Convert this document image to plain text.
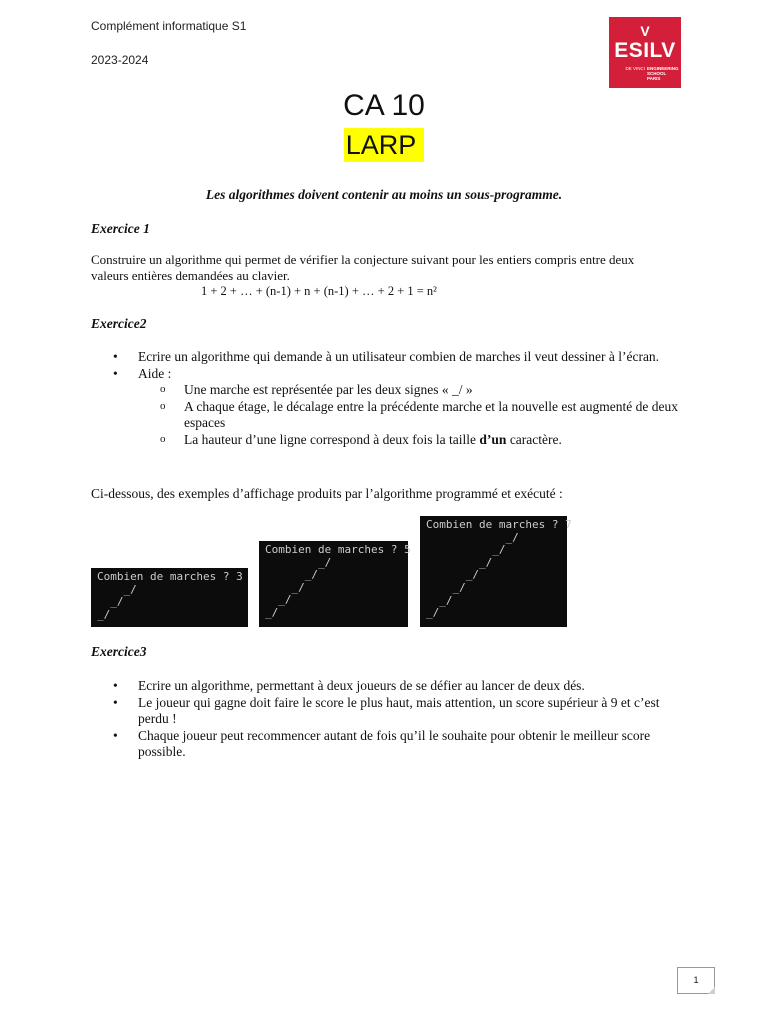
Complément informatique S1
2023-2024
V
ESILV
DE VINCI ENGINEERING SCHOOL
PARIS
CA 10
LARP
Les algorithmes doivent contenir au moins un sous-programme.
Exercice 1
Construire un algorithme qui permet de vérifier la conjecture suivant pour les entiers compris entre deux valeurs entières demandées au clavier.
1 + 2 + … + (n-1) + n + (n-1) + … + 2 + 1 = n²
Exercice2
• Ecrire un algorithme qui demande à un utilisateur combien de marches il veut dessiner à l’écran.
• Aide :
o Une marche est représentée par les deux signes « _/ »
o A chaque étage, le décalage entre la précédente marche et la nouvelle est augmenté de deux espaces
o La hauteur d’une ligne correspond à deux fois la taille d’un caractère.
Ci-dessous, des exemples d’affichage produits par l’algorithme programmé et exécuté :
Combien de marches ? 3
_/
_/
_/
Combien de marches ? 5
_/
_/
_/
_/
_/
Combien de marches ? 7
_/
_/
_/
_/
_/
_/
_/
Exercice3
• Ecrire un algorithme, permettant à deux joueurs de se défier au lancer de deux dés.
• Le joueur qui gagne doit faire le score le plus haut, mais attention, un score supérieur à 9 et c’est perdu !
• Chaque joueur peut recommencer autant de fois qu’il le souhaite pour obtenir le meilleur score possible.
1
